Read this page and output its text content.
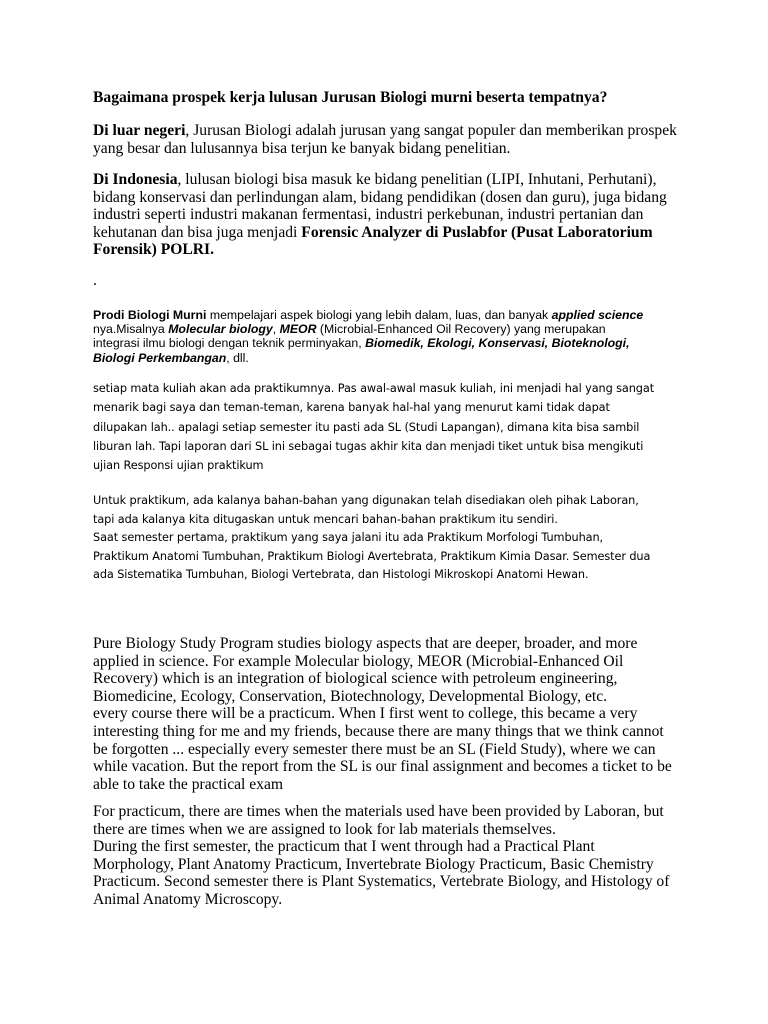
Bagaimana prospek kerja lulusan Jurusan Biologi murni beserta tempatnya?
Di luar negeri, Jurusan Biologi adalah jurusan yang sangat populer dan memberikan prospek
yang besar dan lulusannya bisa terjun ke banyak bidang penelitian.
Di Indonesia, lulusan biologi bisa masuk ke bidang penelitian (LIPI, Inhutani, Perhutani),
bidang konservasi dan perlindungan alam, bidang pendidikan (dosen dan guru), juga bidang
industri seperti industri makanan fermentasi, industri perkebunan, industri pertanian dan
kehutanan dan bisa juga menjadi Forensic Analyzer di Puslabfor (Pusat Laboratorium
Forensik) POLRI.
.
Prodi Biologi Murni mempelajari aspek biologi yang lebih dalam, luas, dan banyak applied science
nya.Misalnya Molecular biology, MEOR (Microbial-Enhanced Oil Recovery) yang merupakan
integrasi ilmu biologi dengan teknik perminyakan, Biomedik, Ekologi, Konservasi, Bioteknologi,
Biologi Perkembangan, dll.
setiap mata kuliah akan ada praktikumnya. Pas awal-awal masuk kuliah, ini menjadi hal yang sangat
menarik bagi saya dan teman-teman, karena banyak hal-hal yang menurut kami tidak dapat
dilupakan lah.. apalagi setiap semester itu pasti ada SL (Studi Lapangan), dimana kita bisa sambil
liburan lah. Tapi laporan dari SL ini sebagai tugas akhir kita dan menjadi tiket untuk bisa mengikuti
ujian Responsi ujian praktikum
Untuk praktikum, ada kalanya bahan-bahan yang digunakan telah disediakan oleh pihak Laboran,
tapi ada kalanya kita ditugaskan untuk mencari bahan-bahan praktikum itu sendiri.
Saat semester pertama, praktikum yang saya jalani itu ada Praktikum Morfologi Tumbuhan,
Praktikum Anatomi Tumbuhan, Praktikum Biologi Avertebrata, Praktikum Kimia Dasar. Semester dua
ada Sistematika Tumbuhan, Biologi Vertebrata, dan Histologi Mikroskopi Anatomi Hewan.
Pure Biology Study Program studies biology aspects that are deeper, broader, and more
applied in science. For example Molecular biology, MEOR (Microbial-Enhanced Oil
Recovery) which is an integration of biological science with petroleum engineering,
Biomedicine, Ecology, Conservation, Biotechnology, Developmental Biology, etc.
every course there will be a practicum. When I first went to college, this became a very
interesting thing for me and my friends, because there are many things that we think cannot
be forgotten ... especially every semester there must be an SL (Field Study), where we can
while vacation. But the report from the SL is our final assignment and becomes a ticket to be
able to take the practical exam
For practicum, there are times when the materials used have been provided by Laboran, but
there are times when we are assigned to look for lab materials themselves.
During the first semester, the practicum that I went through had a Practical Plant
Morphology, Plant Anatomy Practicum, Invertebrate Biology Practicum, Basic Chemistry
Practicum. Second semester there is Plant Systematics, Vertebrate Biology, and Histology of
Animal Anatomy Microscopy.
